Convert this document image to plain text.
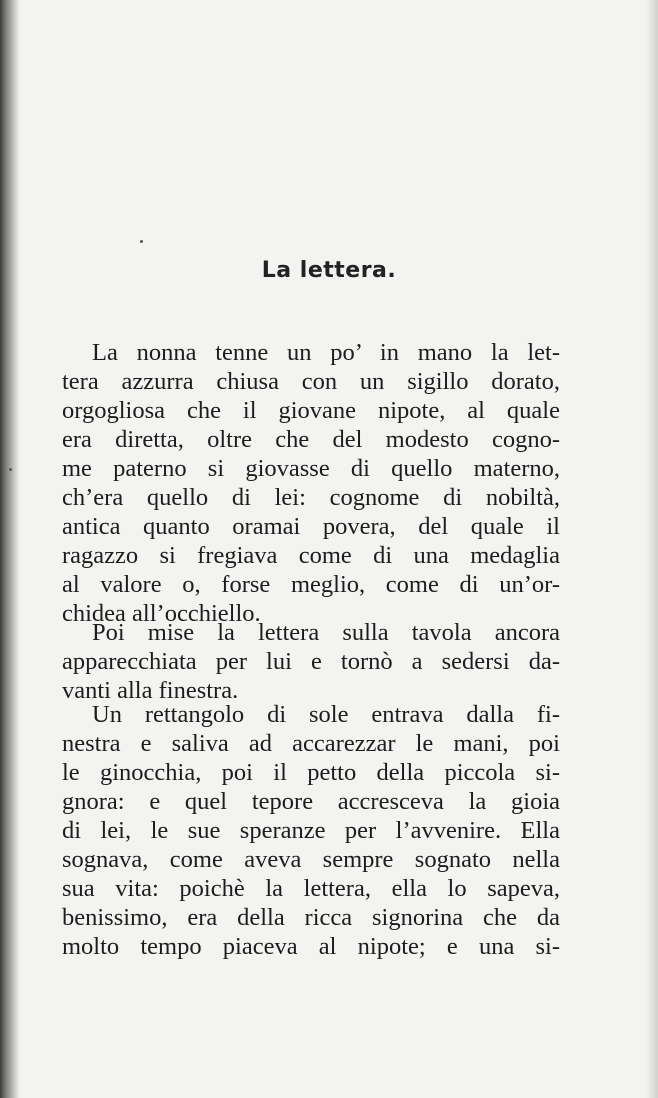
La lettera.
La nonna tenne un po’ in mano la let-
tera azzurra chiusa con un sigillo dorato,
orgogliosa che il giovane nipote, al quale
era diretta, oltre che del modesto cogno-
me paterno si giovasse di quello materno,
ch’era quello di lei: cognome di nobiltà,
antica quanto oramai povera, del quale il
ragazzo si fregiava come di una medaglia
al valore o, forse meglio, come di un’or-
chidea all’occhiello.
Poi mise la lettera sulla tavola ancora
apparecchiata per lui e tornò a sedersi da-
vanti alla finestra.
Un rettangolo di sole entrava dalla fi-
nestra e saliva ad accarezzar le mani, poi
le ginocchia, poi il petto della piccola si-
gnora: e quel tepore accresceva la gioia
di lei, le sue speranze per l’avvenire. Ella
sognava, come aveva sempre sognato nella
sua vita: poichè la lettera, ella lo sapeva,
benissimo, era della ricca signorina che da
molto tempo piaceva al nipote; e una si-
